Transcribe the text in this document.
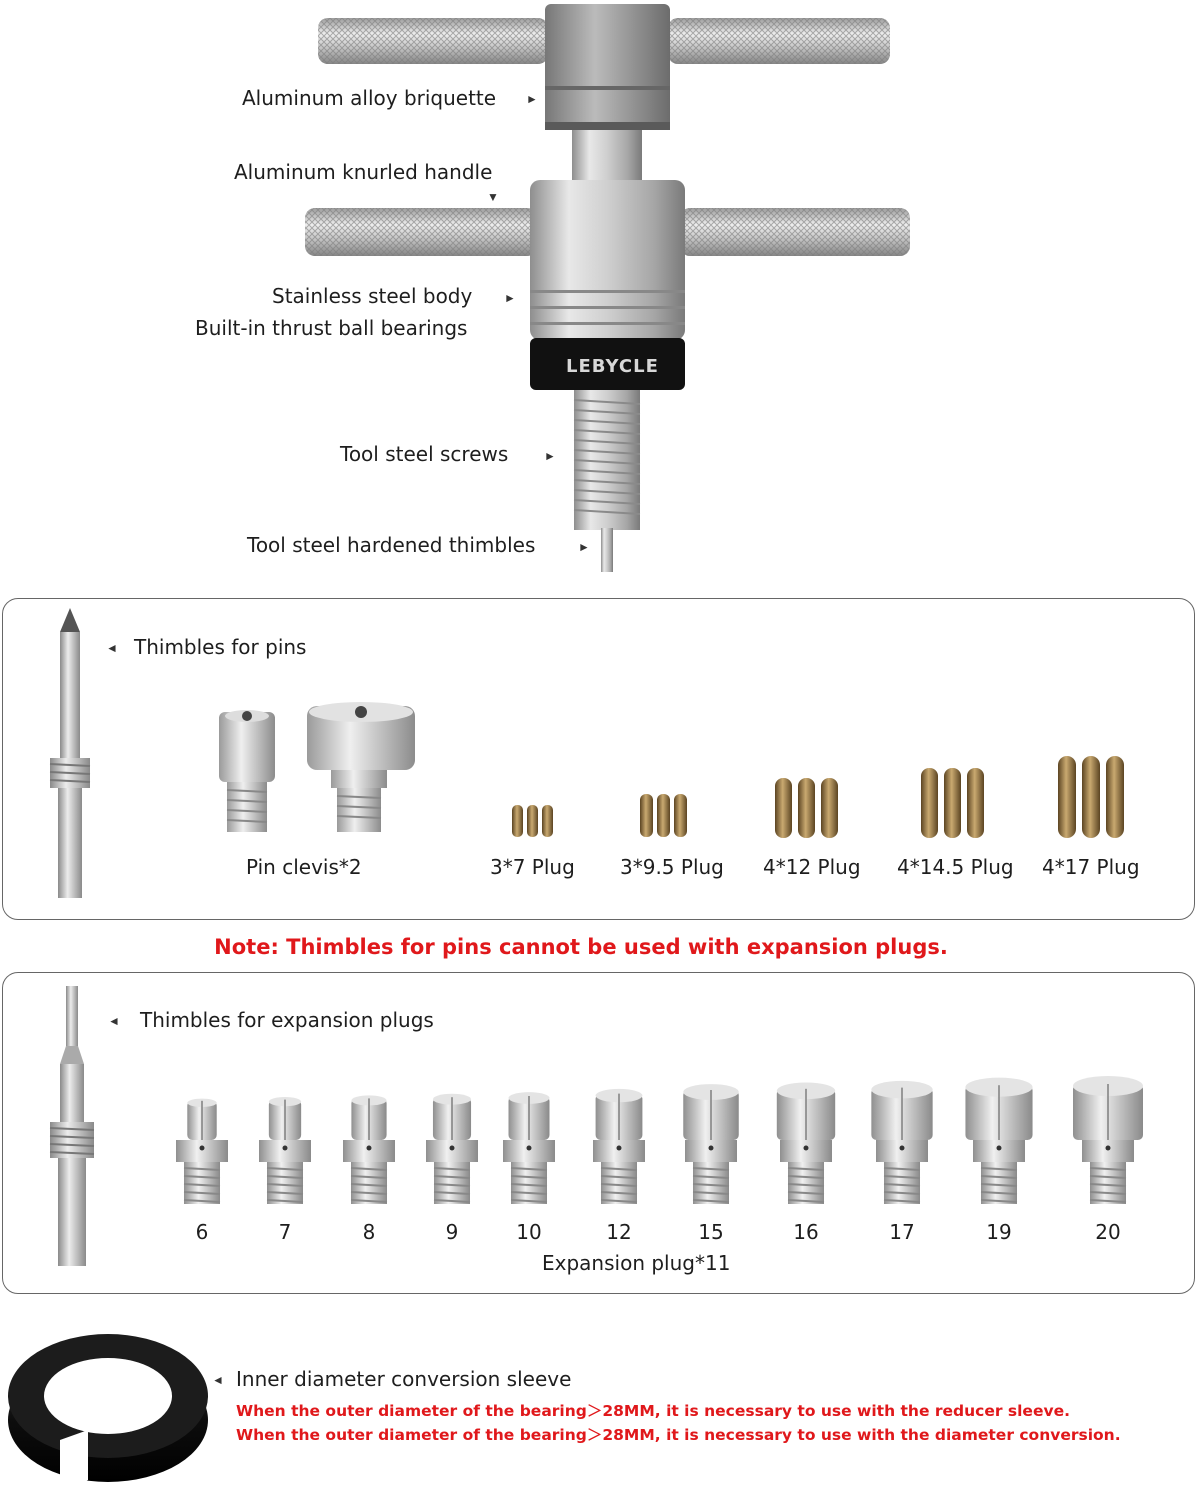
LEBYCLE
Aluminum alloy briquette ►
Aluminum knurled handle
▼
Stainless steel body	►
Built-in thrust ball bearings
Tool steel screws	►
Tool steel hardened thimbles	►
◄ Thimbles for pins
Pin clevis*2	3*7 Plug 3*9.5 Plug 4*12 Plug 4*14.5 Plug 4*17 Plug
Note: Thimbles for pins cannot be used with expansion plugs.
◄ Thimbles for expansion plugs
6	7	8	9	10	12	15	16	17	19	20
Expansion plug*11
◄ Inner diameter conversion sleeve
When the outer diameter of the bearing＞28MM, it is necessary to use with the reducer sleeve.
When the outer diameter of the bearing＞28MM, it is necessary to use with the diameter conversion.
